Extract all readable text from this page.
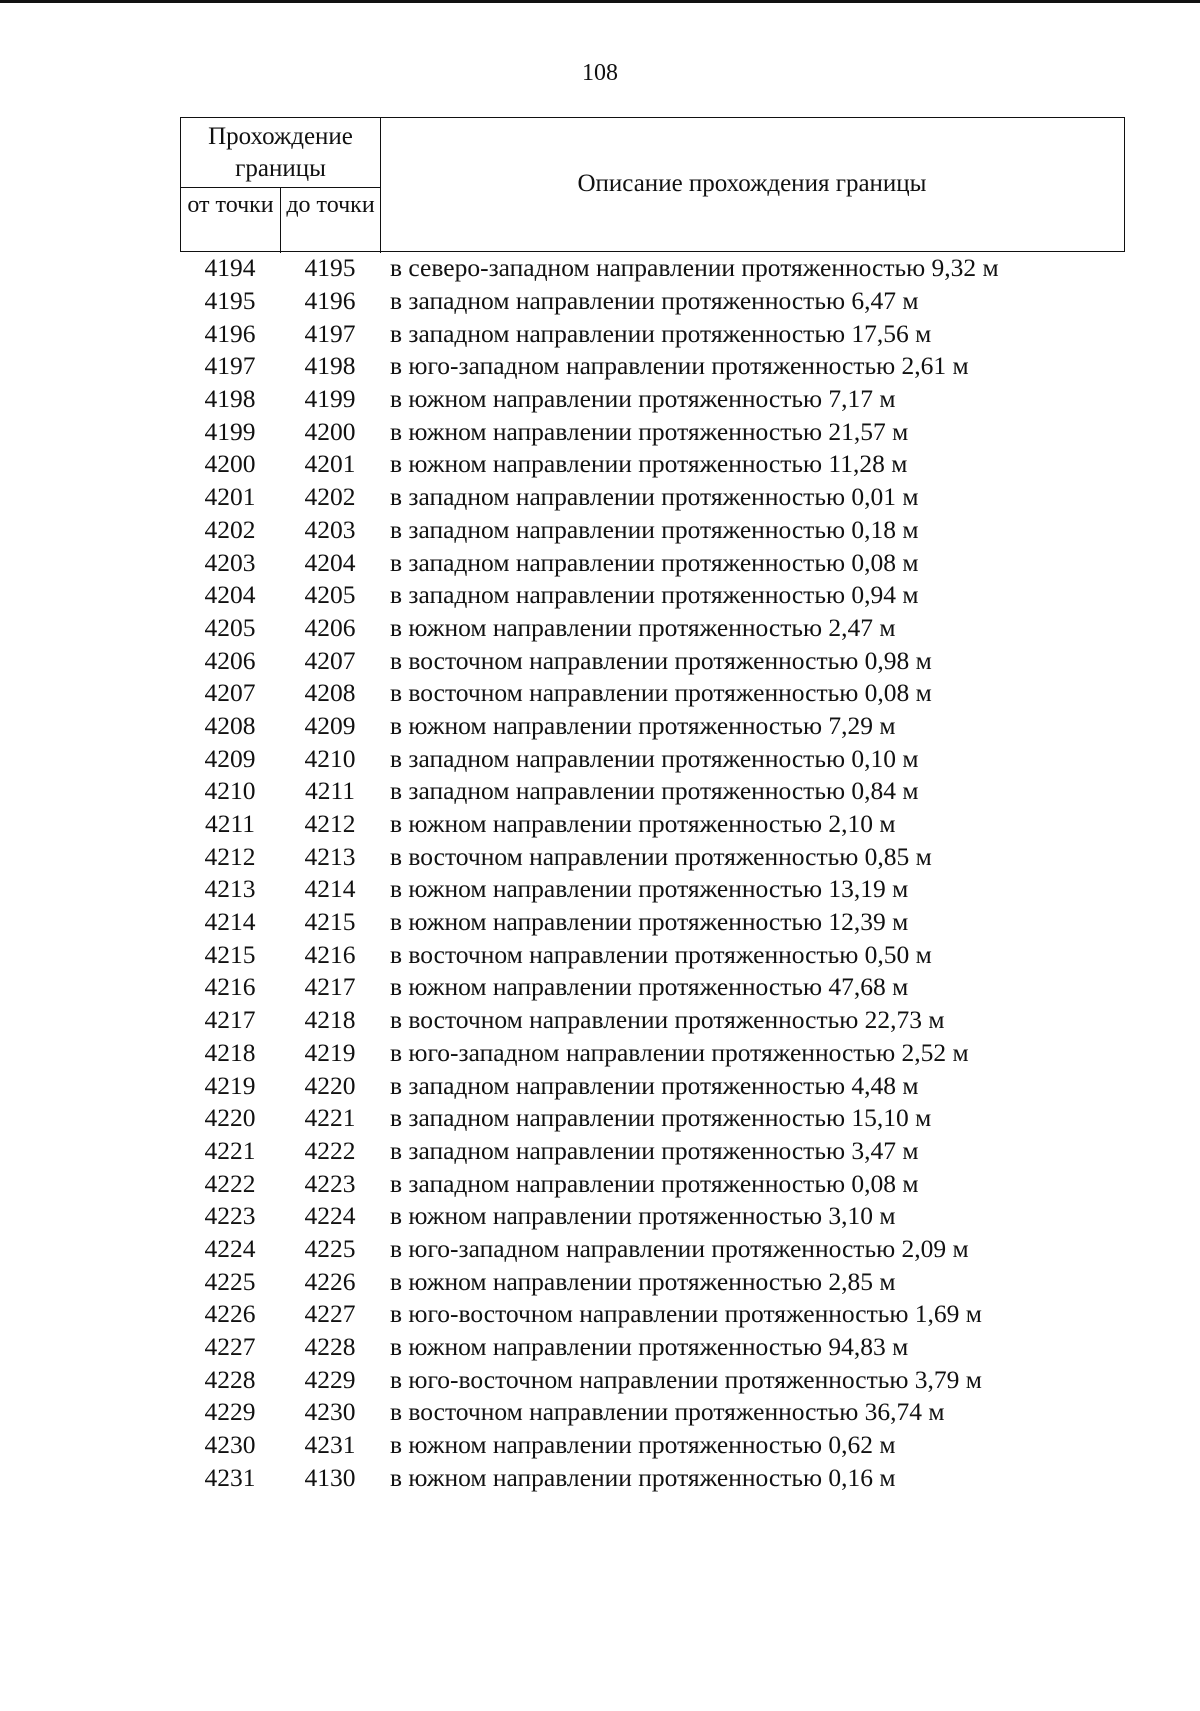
108
Прохождение границы
от точки до точки
Описание прохождения границы
4194	4195	в северо-западном направлении протяженностью 9,32 м
4195	4196	в западном направлении протяженностью 6,47 м
4196	4197	в западном направлении протяженностью 17,56 м
4197	4198	в юго-западном направлении протяженностью 2,61 м
4198	4199	в южном направлении протяженностью 7,17 м
4199	4200	в южном направлении протяженностью 21,57 м
4200	4201	в южном направлении протяженностью 11,28 м
4201	4202	в западном направлении протяженностью 0,01 м
4202	4203	в западном направлении протяженностью 0,18 м
4203	4204	в западном направлении протяженностью 0,08 м
4204	4205	в западном направлении протяженностью 0,94 м
4205	4206	в южном направлении протяженностью 2,47 м
4206	4207	в восточном направлении протяженностью 0,98 м
4207	4208	в восточном направлении протяженностью 0,08 м
4208	4209	в южном направлении протяженностью 7,29 м
4209	4210	в западном направлении протяженностью 0,10 м
4210	4211	в западном направлении протяженностью 0,84 м
4211	4212	в южном направлении протяженностью 2,10 м
4212	4213	в восточном направлении протяженностью 0,85 м
4213	4214	в южном направлении протяженностью 13,19 м
4214	4215	в южном направлении протяженностью 12,39 м
4215	4216	в восточном направлении протяженностью 0,50 м
4216	4217	в южном направлении протяженностью 47,68 м
4217	4218	в восточном направлении протяженностью 22,73 м
4218	4219	в юго-западном направлении протяженностью 2,52 м
4219	4220	в западном направлении протяженностью 4,48 м
4220	4221	в западном направлении протяженностью 15,10 м
4221	4222	в западном направлении протяженностью 3,47 м
4222	4223	в западном направлении протяженностью 0,08 м
4223	4224	в южном направлении протяженностью 3,10 м
4224	4225	в юго-западном направлении протяженностью 2,09 м
4225	4226	в южном направлении протяженностью 2,85 м
4226	4227	в юго-восточном направлении протяженностью 1,69 м
4227	4228	в южном направлении протяженностью 94,83 м
4228	4229	в юго-восточном направлении протяженностью 3,79 м
4229	4230	в восточном направлении протяженностью 36,74 м
4230	4231	в южном направлении протяженностью 0,62 м
4231	4130	в южном направлении протяженностью 0,16 м
